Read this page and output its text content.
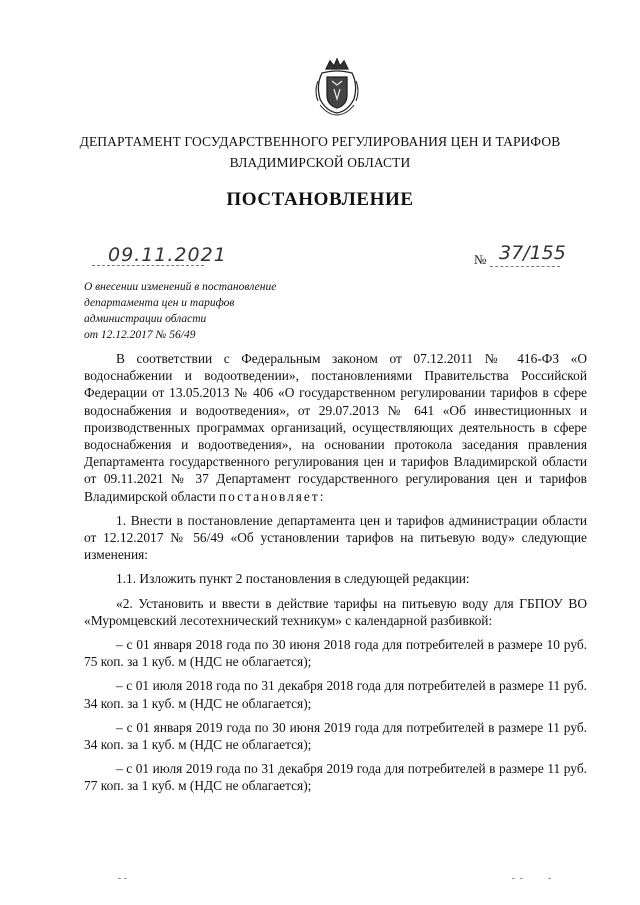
ДЕПАРТАМЕНТ ГОСУДАРСТВЕННОГО РЕГУЛИРОВАНИЯ ЦЕН И ТАРИФОВ
ВЛАДИМИРСКОЙ ОБЛАСТИ
ПОСТАНОВЛЕНИЕ
09.11.2021	№ 37/155
О внесении изменений в постановление
департамента цен и тарифов
администрации области
от 12.12.2017 № 56/49

В соответствии с Федеральным законом от 07.12.2011 № 416-ФЗ «О водоснабжении и водоотведении», постановлениями Правительства Российской Федерации от 13.05.2013 № 406 «О государственном регулировании тарифов в сфере водоснабжения и водоотведения», от 29.07.2013 № 641 «Об инвестиционных и производственных программах организаций, осуществляющих деятельность в сфере водоснабжения и водоотведения», на основании протокола заседания правления Департамента государственного регулирования цен и тарифов Владимирской области от 09.11.2021 № 37 Департамент государственного регулирования цен и тарифов Владимирской области постановляет:

1. Внести в постановление департамента цен и тарифов администрации области от 12.12.2017 № 56/49 «Об установлении тарифов на питьевую воду» следующие изменения:

1.1. Изложить пункт 2 постановления в следующей редакции:

«2. Установить и ввести в действие тарифы на питьевую воду для ГБПОУ ВО «Муромцевский лесотехнический техникум» с календарной разбивкой:

– с 01 января 2018 года по 30 июня 2018 года для потребителей в размере 10 руб. 75 коп. за 1 куб. м (НДС не облагается);

– с 01 июля 2018 года по 31 декабря 2018 года для потребителей в размере 11 руб. 34 коп. за 1 куб. м (НДС не облагается);

– с 01 января 2019 года по 30 июня 2019 года для потребителей в размере 11 руб. 34 коп. за 1 куб. м (НДС не облагается);

– с 01 июля 2019 года по 31 декабря 2019 года для потребителей в размере 11 руб. 77 коп. за 1 куб. м (НДС не облагается);
